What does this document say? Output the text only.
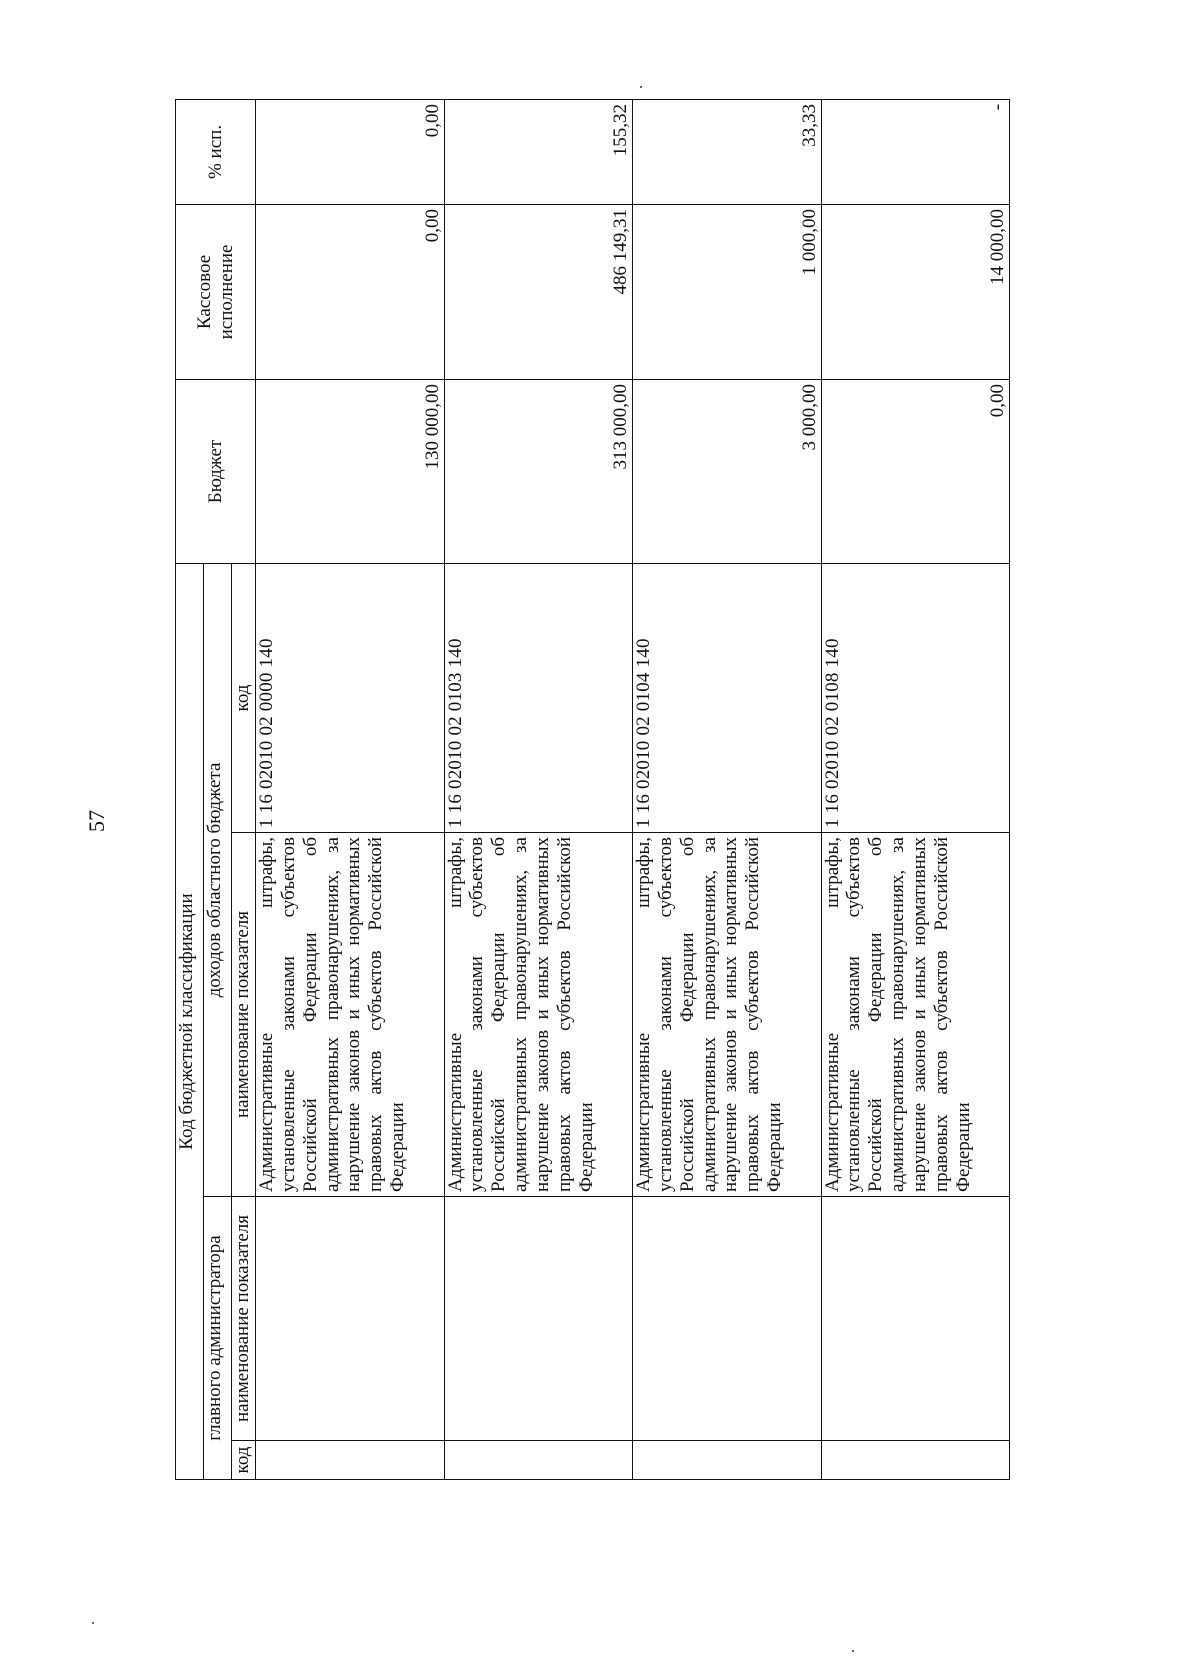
57
Код бюджетной классификации				Бюджет	Кассовое исполнение	% исп.
главного администратора		доходов областного бюджета				
код	наименование показателя	наименование показателя	код			
		Административные штрафы, установленные законами субъектов Российской Федерации об административных правонарушениях, за нарушение законов и иных нормативных правовых актов субъектов Российской Федерации	1 16 02010 02 0000 140	130 000,00	0,00	0,00
		Административные штрафы, установленные законами субъектов Российской Федерации об административных правонарушениях, за нарушение законов и иных нормативных правовых актов субъектов Российской Федерации	1 16 02010 02 0103 140	313 000,00	486 149,31	155,32
		Административные штрафы, установленные законами субъектов Российской Федерации об административных правонарушениях, за нарушение законов и иных нормативных правовых актов субъектов Российской Федерации	1 16 02010 02 0104 140	3 000,00	1 000,00	33,33
		Административные штрафы, установленные законами субъектов Российской Федерации об административных правонарушениях, за нарушение законов и иных нормативных правовых актов субъектов Российской Федерации	1 16 02010 02 0108 140	0,00	14 000,00	-
